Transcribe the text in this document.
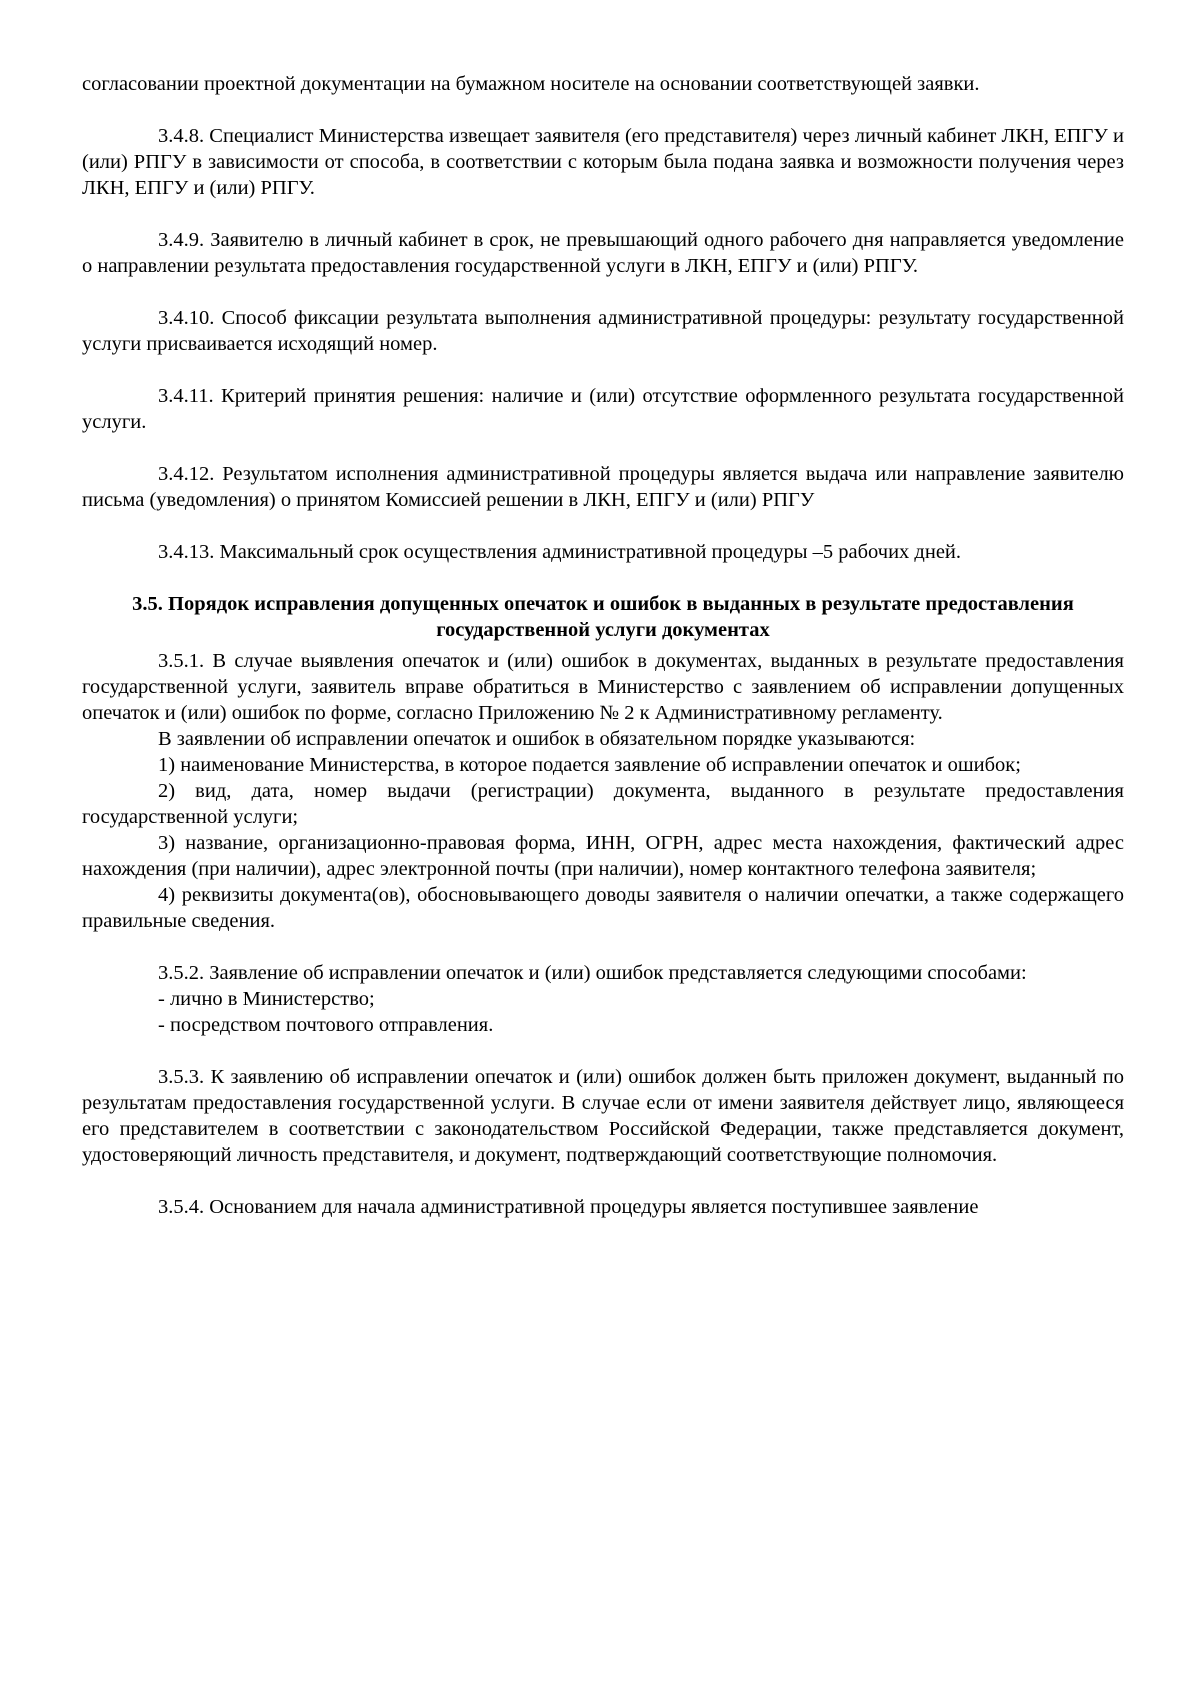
согласовании проектной документации на бумажном носителе на основании соответствующей заявки.

3.4.8. Специалист Министерства извещает заявителя (его представителя) через личный кабинет ЛКН, ЕПГУ и (или) РПГУ в зависимости от способа, в соответствии с которым была подана заявка и возможности получения через ЛКН, ЕПГУ и (или) РПГУ.

3.4.9. Заявителю в личный кабинет в срок, не превышающий одного рабочего дня направляется уведомление о направлении результата предоставления государственной услуги в ЛКН, ЕПГУ и (или) РПГУ.

3.4.10. Способ фиксации результата выполнения административной процедуры: результату государственной услуги присваивается исходящий номер.

3.4.11. Критерий принятия решения: наличие и (или) отсутствие оформленного результата государственной услуги.

3.4.12. Результатом исполнения административной процедуры является выдача или направление заявителю письма (уведомления) о принятом Комиссией решении в ЛКН, ЕПГУ и (или) РПГУ

3.4.13. Максимальный срок осуществления административной процедуры –5 рабочих дней.

3.5. Порядок исправления допущенных опечаток и ошибок в выданных в результате предоставления государственной услуги документах

3.5.1. В случае выявления опечаток и (или) ошибок в документах, выданных в результате предоставления государственной услуги, заявитель вправе обратиться в Министерство с заявлением об исправлении допущенных опечаток и (или) ошибок по форме, согласно Приложению № 2 к Административному регламенту.

В заявлении об исправлении опечаток и ошибок в обязательном порядке указываются:

1) наименование Министерства, в которое подается заявление об исправлении опечаток и ошибок;

2) вид, дата, номер выдачи (регистрации) документа, выданного в результате предоставления государственной услуги;

3) название, организационно-правовая форма, ИНН, ОГРН, адрес места нахождения, фактический адрес нахождения (при наличии), адрес электронной почты (при наличии), номер контактного телефона заявителя;

4) реквизиты документа(ов), обосновывающего доводы заявителя о наличии опечатки, а также содержащего правильные сведения.

3.5.2. Заявление об исправлении опечаток и (или) ошибок представляется следующими способами:

- лично в Министерство;

- посредством почтового отправления.

3.5.3. К заявлению об исправлении опечаток и (или) ошибок должен быть приложен документ, выданный по результатам предоставления государственной услуги. В случае если от имени заявителя действует лицо, являющееся его представителем в соответствии с законодательством Российской Федерации, также представляется документ, удостоверяющий личность представителя, и документ, подтверждающий соответствующие полномочия.

3.5.4. Основанием для начала административной процедуры является поступившее заявление
